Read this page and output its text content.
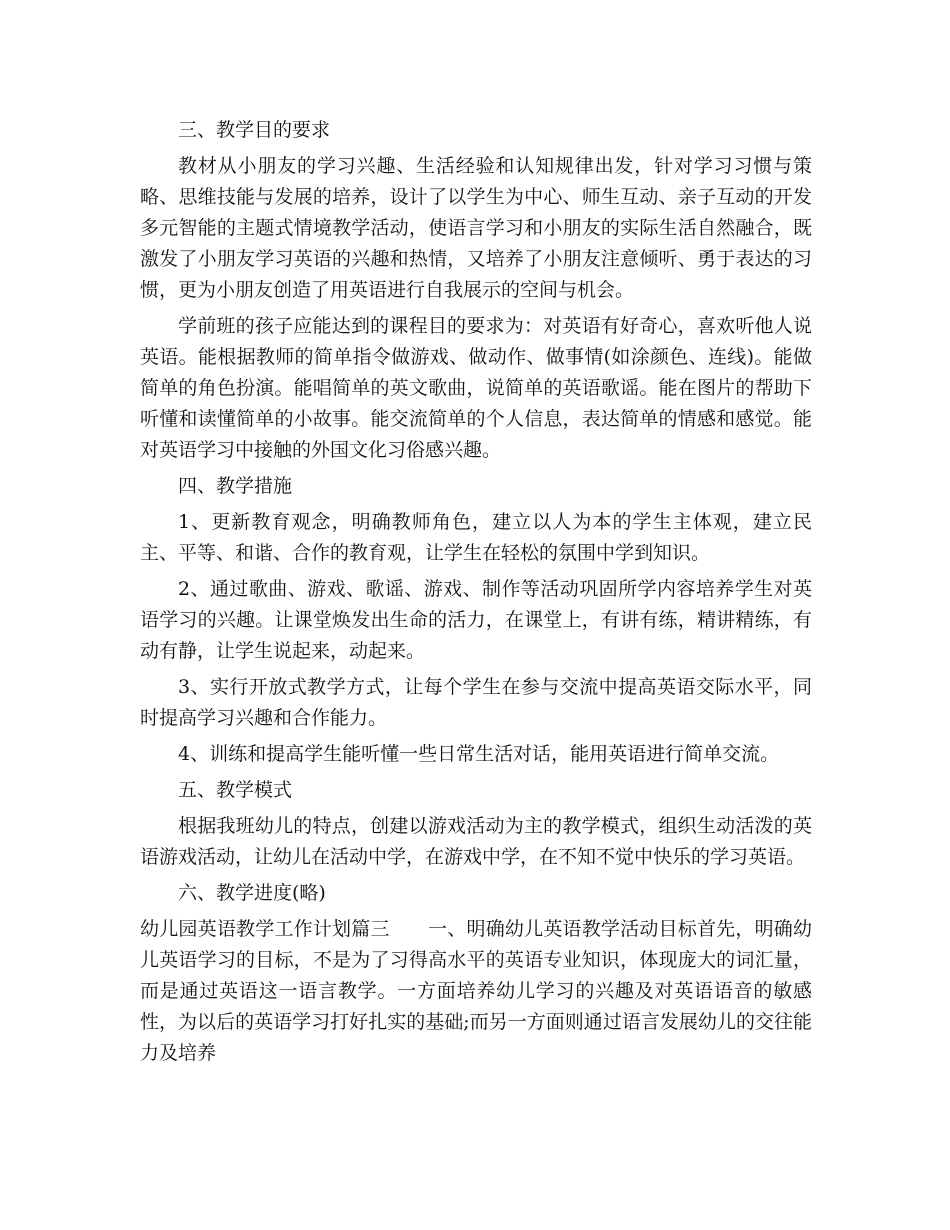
三、教学目的要求

教材从小朋友的学习兴趣、生活经验和认知规律出发，针对学习习惯与策略、思维技能与发展的培养，设计了以学生为中心、师生互动、亲子互动的开发多元智能的主题式情境教学活动，使语言学习和小朋友的实际生活自然融合，既激发了小朋友学习英语的兴趣和热情，又培养了小朋友注意倾听、勇于表达的习惯，更为小朋友创造了用英语进行自我展示的空间与机会。

学前班的孩子应能达到的课程目的要求为：对英语有好奇心，喜欢听他人说英语。能根据教师的简单指令做游戏、做动作、做事情(如涂颜色、连线)。能做简单的角色扮演。能唱简单的英文歌曲，说简单的英语歌谣。能在图片的帮助下听懂和读懂简单的小故事。能交流简单的个人信息，表达简单的情感和感觉。能对英语学习中接触的外国文化习俗感兴趣。

四、教学措施

1、更新教育观念，明确教师角色，建立以人为本的学生主体观，建立民主、平等、和谐、合作的教育观，让学生在轻松的氛围中学到知识。

2、通过歌曲、游戏、歌谣、游戏、制作等活动巩固所学内容培养学生对英语学习的兴趣。让课堂焕发出生命的活力，在课堂上，有讲有练，精讲精练，有动有静，让学生说起来，动起来。

3、实行开放式教学方式，让每个学生在参与交流中提高英语交际水平，同时提高学习兴趣和合作能力。

4、训练和提高学生能听懂一些日常生活对话，能用英语进行简单交流。

五、教学模式

根据我班幼儿的特点，创建以游戏活动为主的教学模式，组织生动活泼的英语游戏活动，让幼儿在活动中学，在游戏中学，在不知不觉中快乐的学习英语。

六、教学进度(略)

幼儿园英语教学工作计划篇三　　一、明确幼儿英语教学活动目标首先，明确幼儿英语学习的目标，不是为了习得高水平的英语专业知识，体现庞大的词汇量，而是通过英语这一语言教学。一方面培养幼儿学习的兴趣及对英语语音的敏感性，为以后的英语学习打好扎实的基础;而另一方面则通过语言发展幼儿的交往能力及培养
